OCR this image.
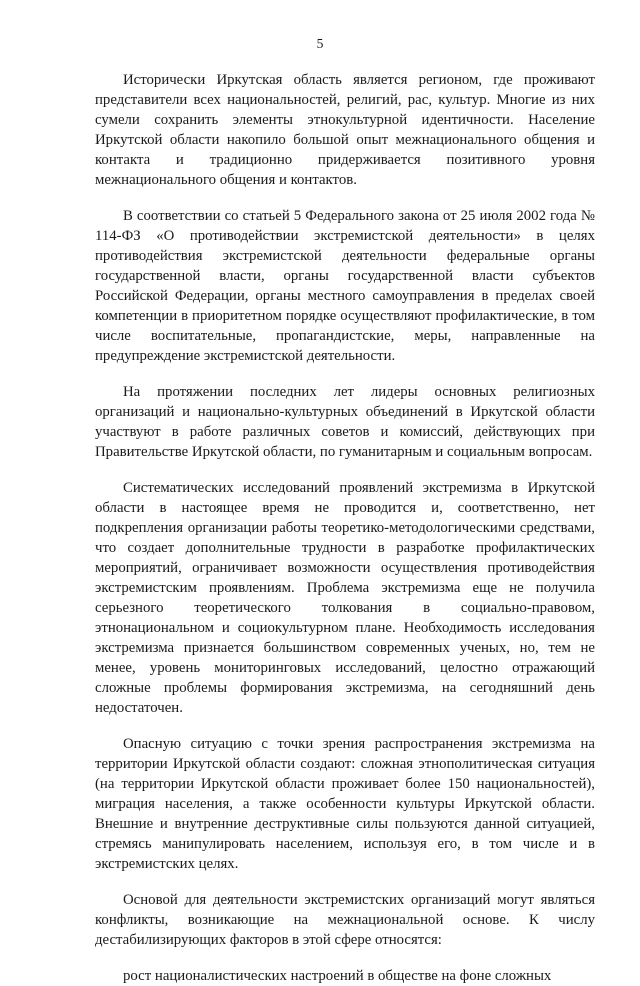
5

Исторически Иркутская область является регионом, где проживают представители всех национальностей, религий, рас, культур. Многие из них сумели сохранить элементы этнокультурной идентичности. Население Иркутской области накопило большой опыт межнационального общения и контакта и традиционно придерживается позитивного уровня межнационального общения и контактов.

В соответствии со статьей 5 Федерального закона от 25 июля 2002 года № 114-ФЗ «О противодействии экстремистской деятельности» в целях противодействия экстремистской деятельности федеральные органы государственной власти, органы государственной власти субъектов Российской Федерации, органы местного самоуправления в пределах своей компетенции в приоритетном порядке осуществляют профилактические, в том числе воспитательные, пропагандистские, меры, направленные на предупреждение экстремистской деятельности.

На протяжении последних лет лидеры основных религиозных организаций и национально-культурных объединений в Иркутской области участвуют в работе различных советов и комиссий, действующих при Правительстве Иркутской области, по гуманитарным и социальным вопросам.

Систематических исследований проявлений экстремизма в Иркутской области в настоящее время не проводится и, соответственно, нет подкрепления организации работы теоретико-методологическими средствами, что создает дополнительные трудности в разработке профилактических мероприятий, ограничивает возможности осуществления противодействия экстремистским проявлениям. Проблема экстремизма еще не получила серьезного теоретического толкования в социально-правовом, этнонациональном и социокультурном плане. Необходимость исследования экстремизма признается большинством современных ученых, но, тем не менее, уровень мониторинговых исследований, целостно отражающий сложные проблемы формирования экстремизма, на сегодняшний день недостаточен.

Опасную ситуацию с точки зрения распространения экстремизма на территории Иркутской области создают: сложная этнополитическая ситуация (на территории Иркутской области проживает более 150 национальностей), миграция населения, а также особенности культуры Иркутской области. Внешние и внутренние деструктивные силы пользуются данной ситуацией, стремясь манипулировать населением, используя его, в том числе и в экстремистских целях.

Основой для деятельности экстремистских организаций могут являться конфликты, возникающие на межнациональной основе. К числу дестабилизирующих факторов в этой сфере относятся:

рост националистических настроений в обществе на фоне сложных
